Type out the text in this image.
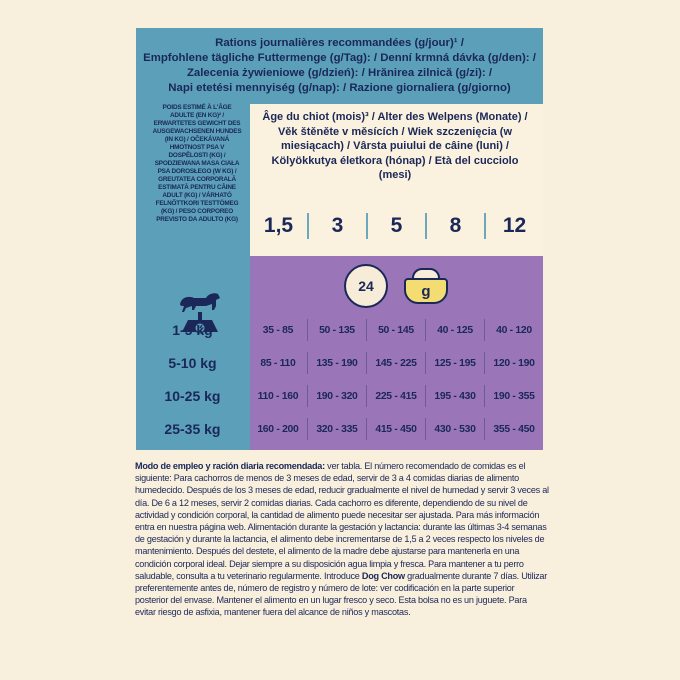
Rations journalières recommandées (g/jour)¹ /
Empfohlene tägliche Futtermenge (g/Tag): / Denní krmná dávka (g/den): /
Zalecenia żywieniowe (g/dzień): / Hrănirea zilnică (g/zi): /
Napi etetési mennyiség (g/nap): / Razione giornaliera (g/giorno)
POIDS ESTIMÉ À L'ÂGE ADULTE (EN KG)² / ERWARTETES GEWICHT DES AUSGEWACHSENEN HUNDES (IN KG) / OČEKÁVANÁ HMOTNOST PSA V DOSPĚLOSTI (KG) / SPODZIEWANA MASA CIAŁA PSA DOROSŁEGO (W KG) / GREUTATEA CORPORALĂ ESTIMATĂ PENTRU CÂINE ADULT (KG) / VÁRHATÓ FELNŐTTKORI TESTTÖMEG (KG) / PESO CORPOREO PREVISTO DA ADULTO (KG)
Âge du chiot (mois)³ / Alter des Welpens (Monate) / Věk štěněte v měsících / Wiek szczenięcia (w miesiącach) / Vârsta puiului de câine (luni) / Kölyökkutya életkora (hónap) / Età del cucciolo (mesi)
1,5	3	5	8	12
24	g
1-5 kg	35 - 85	50 - 135	50 - 145	40 - 125	40 - 120
5-10 kg	85 - 110	135 - 190	145 - 225	125 - 195	120 - 190
10-25 kg	110 - 160	190 - 320	225 - 415	195 - 430	190 - 355
25-35 kg	160 - 200	320 - 335	415 - 450	430 - 530	355 - 450
Modo de empleo y ración diaria recomendada: ver tabla. El número recomendado de comidas es el siguiente: Para cachorros de menos de 3 meses de edad, servir de 3 a 4 comidas diarias de alimento humedecido. Después de los 3 meses de edad, reducir gradualmente el nivel de humedad y servir 3 veces al día. De 6 a 12 meses, servir 2 comidas diarias. Cada cachorro es diferente, dependiendo de su nivel de actividad y condición corporal, la cantidad de alimento puede necesitar ser ajustada. Para más información entra en nuestra página web. Alimentación durante la gestación y lactancia: durante las últimas 3-4 semanas de gestación y durante la lactancia, el alimento debe incrementarse de 1,5 a 2 veces respecto los niveles de mantenimiento. Después del destete, el alimento de la madre debe ajustarse para mantenerla en una condición corporal ideal. Dejar siempre a su disposición agua limpia y fresca. Para mantener a tu perro saludable, consulta a tu veterinario regularmente. Introduce Dog Chow gradualmente durante 7 días. Utilizar preferentemente antes de, número de registro y número de lote: ver codificación en la parte superior posterior del envase. Mantener el alimento en un lugar fresco y seco. Esta bolsa no es un juguete. Para evitar riesgo de asfixia, mantener fuera del alcance de niños y mascotas.
